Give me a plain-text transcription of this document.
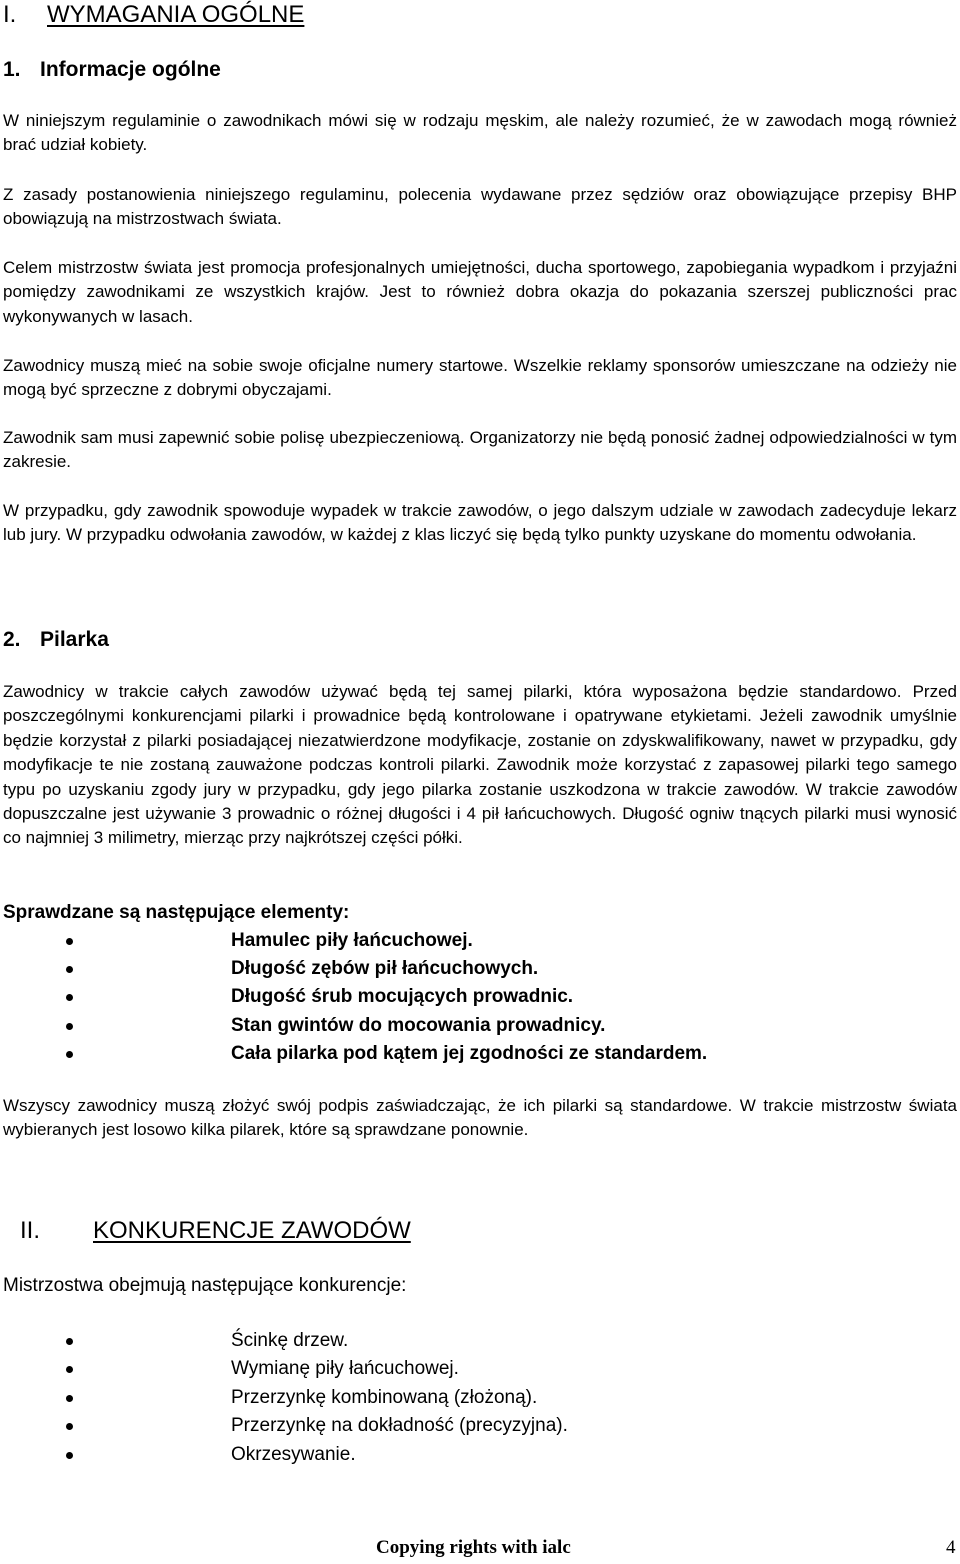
I. WYMAGANIA OGÓLNE
1. Informacje ogólne

W niniejszym regulaminie o zawodnikach mówi się w rodzaju męskim, ale należy rozumieć, że w zawodach mogą również brać udział kobiety.

Z zasady postanowienia niniejszego regulaminu, polecenia wydawane przez sędziów oraz obowiązujące przepisy BHP obowiązują na mistrzostwach świata.

Celem mistrzostw świata jest promocja profesjonalnych umiejętności, ducha sportowego, zapobiegania wypadkom i przyjaźni pomiędzy zawodnikami ze wszystkich krajów. Jest to również dobra okazja do pokazania szerszej publiczności prac wykonywanych w lasach.

Zawodnicy muszą mieć na sobie swoje oficjalne numery startowe. Wszelkie reklamy sponsorów umieszczane na odzieży nie mogą być sprzeczne z dobrymi obyczajami.

Zawodnik sam musi zapewnić sobie polisę ubezpieczeniową. Organizatorzy nie będą ponosić żadnej odpowiedzialności w tym zakresie.

W przypadku, gdy zawodnik spowoduje wypadek w trakcie zawodów, o jego dalszym udziale w zawodach zadecyduje lekarz lub jury. W przypadku odwołania zawodów, w każdej z klas liczyć się będą tylko punkty uzyskane do momentu odwołania.

2. Pilarka

Zawodnicy w trakcie całych zawodów używać będą tej samej pilarki, która wyposażona będzie standardowo. Przed poszczególnymi konkurencjami pilarki i prowadnice będą kontrolowane i opatrywane etykietami. Jeżeli zawodnik umyślnie będzie korzystał z pilarki posiadającej niezatwierdzone modyfikacje, zostanie on zdyskwalifikowany, nawet w przypadku, gdy modyfikacje te nie zostaną zauważone podczas kontroli pilarki. Zawodnik może korzystać z zapasowej pilarki tego samego typu po uzyskaniu zgody jury w przypadku, gdy jego pilarka zostanie uszkodzona w trakcie zawodów. W trakcie zawodów dopuszczalne jest używanie 3 prowadnic o różnej długości i 4 pił łańcuchowych. Długość ogniw tnących pilarki musi wynosić co najmniej 3 milimetry, mierząc przy najkrótszej części półki.

Sprawdzane są następujące elementy:
Hamulec piły łańcuchowej.
Długość zębów pił łańcuchowych.
Długość śrub mocujących prowadnic.
Stan gwintów do mocowania prowadnicy.
Cała pilarka pod kątem jej zgodności ze standardem.

Wszyscy zawodnicy muszą złożyć swój podpis zaświadczając, że ich pilarki są standardowe. W trakcie mistrzostw świata wybieranych jest losowo kilka pilarek, które są sprawdzane ponownie.

II. KONKURENCJE ZAWODÓW
Mistrzostwa obejmują następujące konkurencje:
Ścinkę drzew.
Wymianę piły łańcuchowej.
Przerzynkę kombinowaną (złożoną).
Przerzynkę na dokładność (precyzyjna).
Okrzesywanie.
Copying rights with ialc	4
